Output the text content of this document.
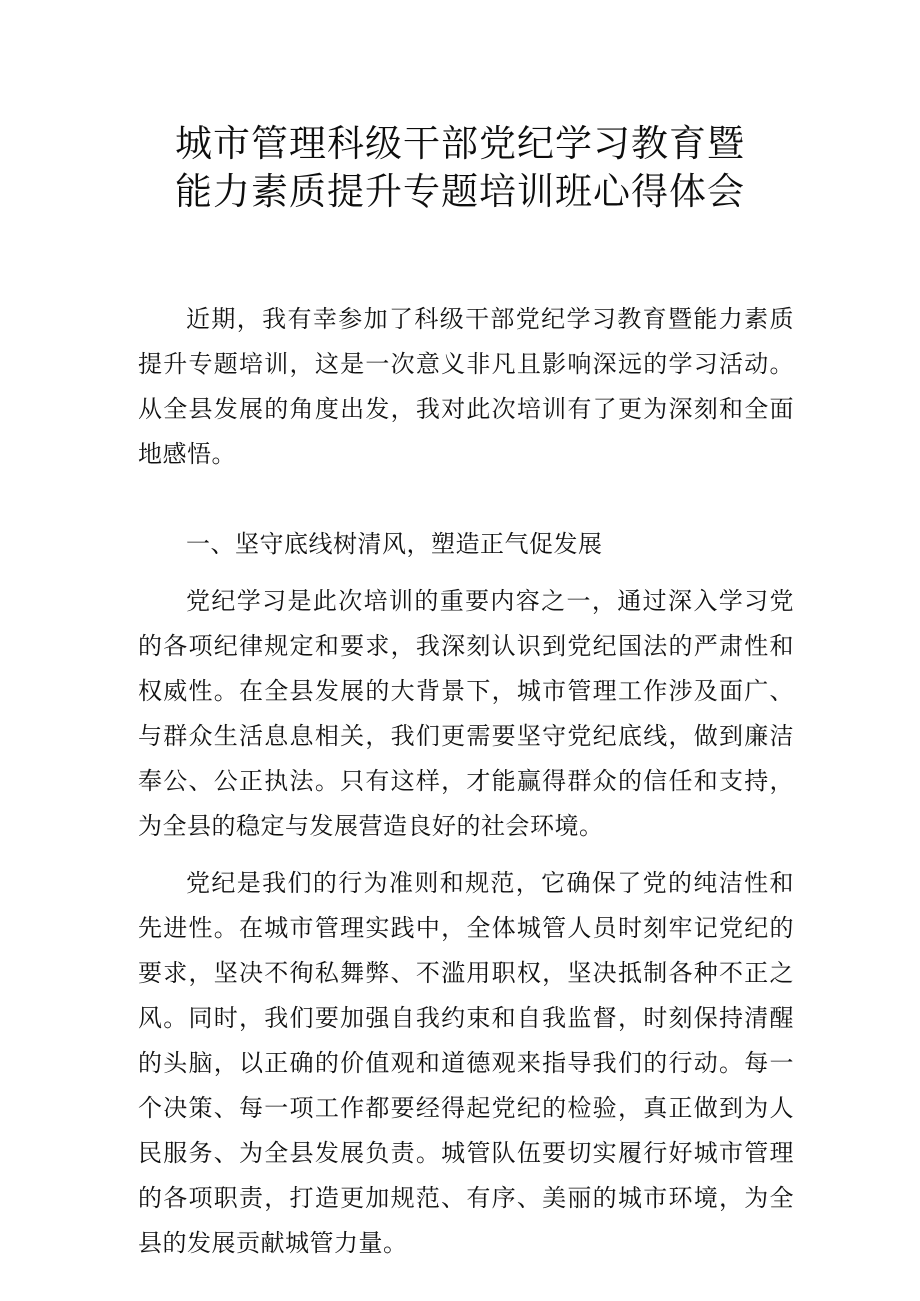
城市管理科级干部党纪学习教育暨
能力素质提升专题培训班心得体会

近期，我有幸参加了科级干部党纪学习教育暨能力素质提升专题培训，这是一次意义非凡且影响深远的学习活动。从全县发展的角度出发，我对此次培训有了更为深刻和全面地感悟。

一、坚守底线树清风，塑造正气促发展

党纪学习是此次培训的重要内容之一，通过深入学习党的各项纪律规定和要求，我深刻认识到党纪国法的严肃性和权威性。在全县发展的大背景下，城市管理工作涉及面广、与群众生活息息相关，我们更需要坚守党纪底线，做到廉洁奉公、公正执法。只有这样，才能赢得群众的信任和支持，为全县的稳定与发展营造良好的社会环境。

党纪是我们的行为准则和规范，它确保了党的纯洁性和先进性。在城市管理实践中，全体城管人员时刻牢记党纪的要求，坚决不徇私舞弊、不滥用职权，坚决抵制各种不正之风。同时，我们要加强自我约束和自我监督，时刻保持清醒的头脑，以正确的价值观和道德观来指导我们的行动。每一个决策、每一项工作都要经得起党纪的检验，真正做到为人民服务、为全县发展负责。城管队伍要切实履行好城市管理的各项职责，打造更加规范、有序、美丽的城市环境，为全县的发展贡献城管力量。
